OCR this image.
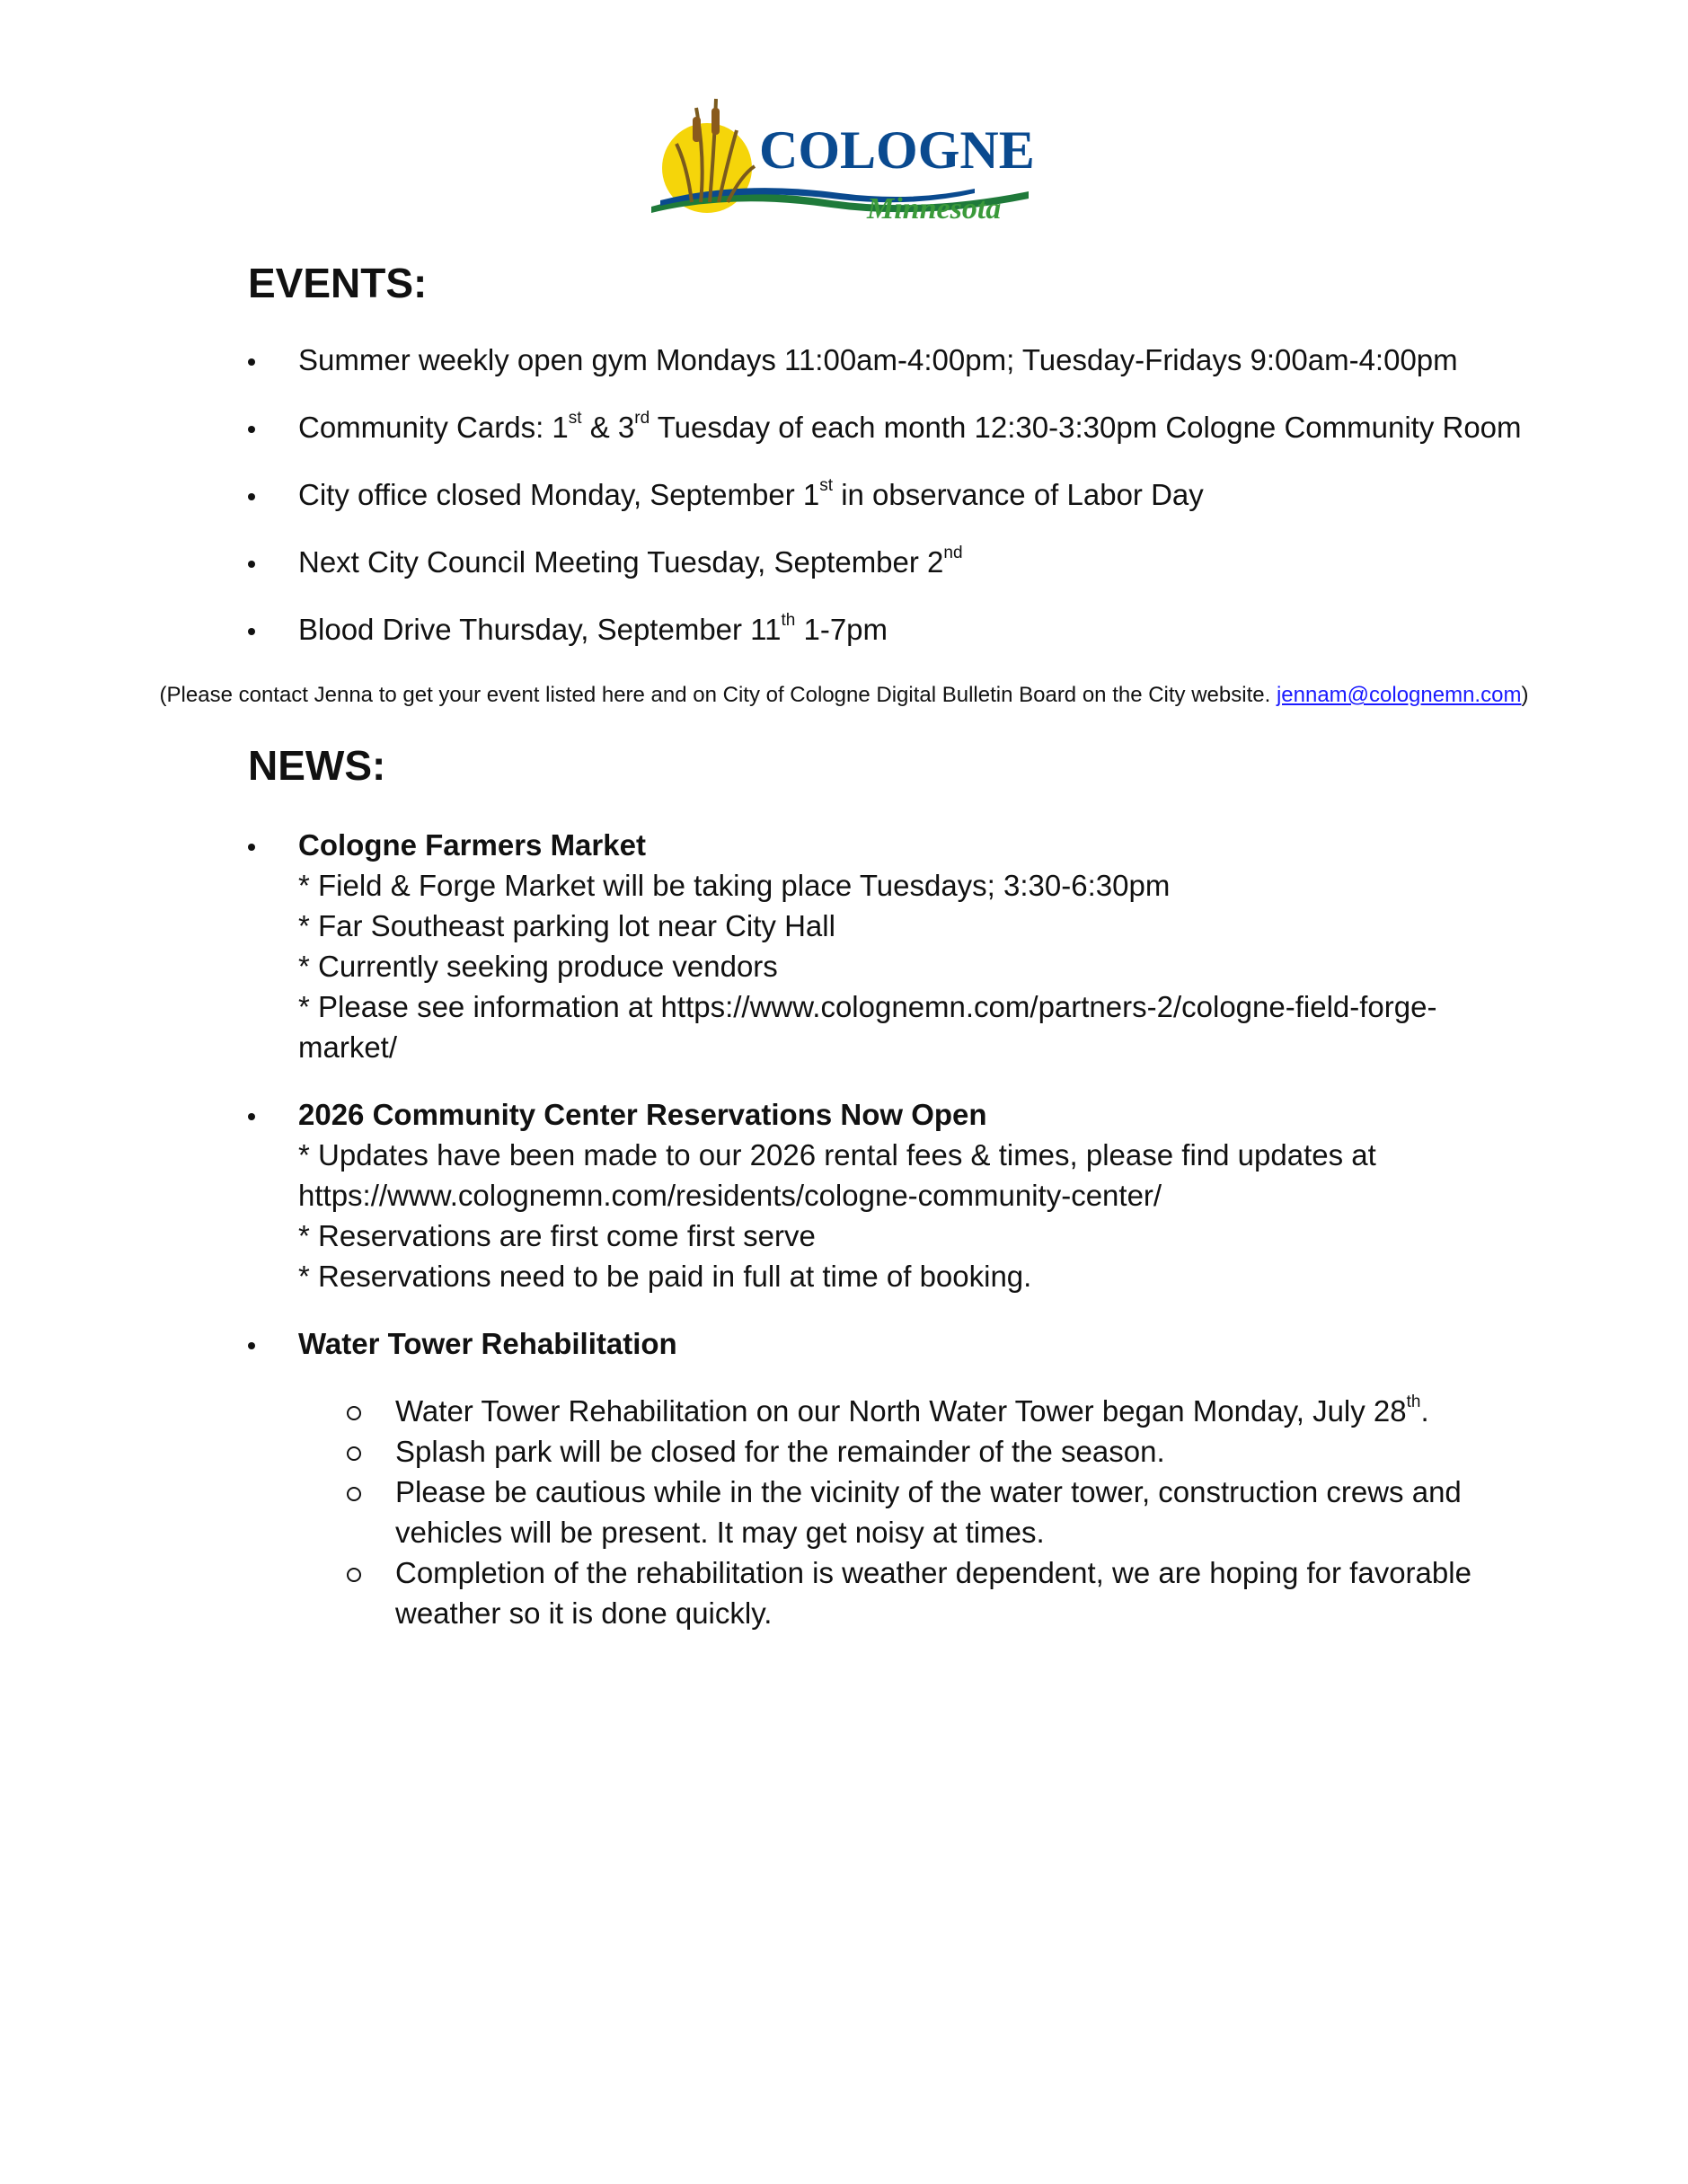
COLOGNE
Minnesota
EVENTS:
Summer weekly open gym Mondays 11:00am-4:00pm; Tuesday-Fridays 9:00am-4:00pm
Community Cards: 1st & 3rd Tuesday of each month 12:30-3:30pm Cologne Community Room
City office closed Monday, September 1st in observance of Labor Day
Next City Council Meeting Tuesday, September 2nd
Blood Drive Thursday, September 11th 1-7pm
(Please contact Jenna to get your event listed here and on City of Cologne Digital Bulletin Board on the City website. jennam@colognemn.com)
NEWS:
Cologne Farmers Market
* Field & Forge Market will be taking place Tuesdays; 3:30-6:30pm
* Far Southeast parking lot near City Hall
* Currently seeking produce vendors
* Please see information at https://www.colognemn.com/partners-2/cologne-field-forge-market/
2026 Community Center Reservations Now Open
* Updates have been made to our 2026 rental fees & times, please find updates at https://www.colognemn.com/residents/cologne-community-center/
* Reservations are first come first serve
* Reservations need to be paid in full at time of booking.
Water Tower Rehabilitation
Water Tower Rehabilitation on our North Water Tower began Monday, July 28th.
Splash park will be closed for the remainder of the season.
Please be cautious while in the vicinity of the water tower, construction crews and vehicles will be present. It may get noisy at times.
Completion of the rehabilitation is weather dependent, we are hoping for favorable weather so it is done quickly.
